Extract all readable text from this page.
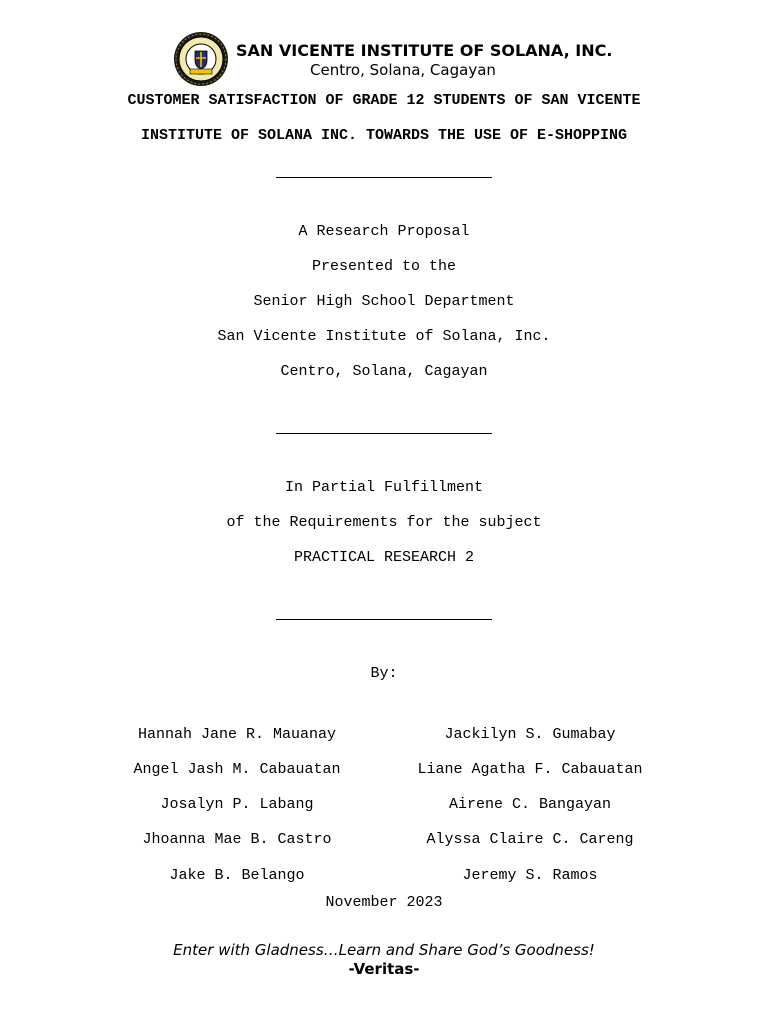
SAN VICENTE INSTITUTE OF SOLANA, INC.
Centro, Solana, Cagayan
CUSTOMER SATISFACTION OF GRADE 12 STUDENTS OF SAN VICENTE
INSTITUTE OF SOLANA INC. TOWARDS THE USE OF E-SHOPPING
A Research Proposal
Presented to the
Senior High School Department
San Vicente Institute of Solana, Inc.
Centro, Solana, Cagayan
In Partial Fulfillment
of the Requirements for the subject
PRACTICAL RESEARCH 2
By:
Hannah Jane R. Mauanay
Angel Jash M. Cabauatan
Josalyn P. Labang
Jhoanna Mae B. Castro
Jake B. Belango
Jackilyn S. Gumabay
Liane Agatha F. Cabauatan
Airene C. Bangayan
Alyssa Claire C. Careng
Jeremy S. Ramos
November 2023
Enter with Gladness…Learn and Share God’s Goodness!
-Veritas-
